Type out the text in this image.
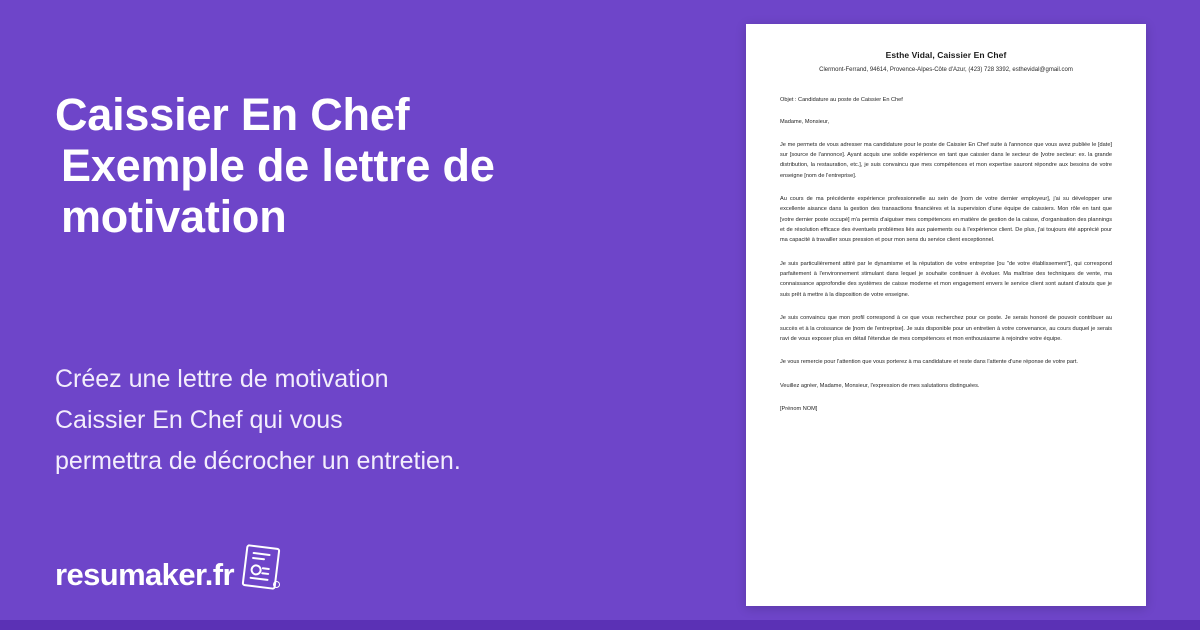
Caissier En Chef
Exemple de lettre de motivation
Créez une lettre de motivation
Caissier En Chef qui vous
permettra de décrocher un entretien.
resumaker.fr
Esthe Vidal, Caissier En Chef
Clermont-Ferrand, 94614, Provence-Alpes-Côte d'Azur, (423) 728 3392, esthevidal@gmail.com

Objet : Candidature au poste de Caissier En Chef

Madame, Monsieur,

Je me permets de vous adresser ma candidature pour le poste de Caissier En Chef suite à l'annonce que vous avez publiée le [date] sur [source de l'annonce]. Ayant acquis une solide expérience en tant que caissier dans le secteur de [votre secteur: ex. la grande distribution, la restauration, etc.], je suis convaincu que mes compétences et mon expertise sauront répondre aux besoins de votre enseigne [nom de l'entreprise].

Au cours de ma précédente expérience professionnelle au sein de [nom de votre dernier employeur], j'ai su développer une excellente aisance dans la gestion des transactions financières et la supervision d'une équipe de caissiers. Mon rôle en tant que [votre dernier poste occupé] m'a permis d'aiguiser mes compétences en matière de gestion de la caisse, d'organisation des plannings et de résolution efficace des éventuels problèmes liés aux paiements ou à l'expérience client. De plus, j'ai toujours été apprécié pour ma capacité à travailler sous pression et pour mon sens du service client exceptionnel.

Je suis particulièrement attiré par le dynamisme et la réputation de votre entreprise [ou "de votre établissement"], qui correspond parfaitement à l'environnement stimulant dans lequel je souhaite continuer à évoluer. Ma maîtrise des techniques de vente, ma connaissance approfondie des systèmes de caisse moderne et mon engagement envers le service client sont autant d'atouts que je suis prêt à mettre à la disposition de votre enseigne.

Je suis convaincu que mon profil correspond à ce que vous recherchez pour ce poste. Je serais honoré de pouvoir contribuer au succès et à la croissance de [nom de l'entreprise]. Je suis disponible pour un entretien à votre convenance, au cours duquel je serais ravi de vous exposer plus en détail l'étendue de mes compétences et mon enthousiasme à rejoindre votre équipe.

Je vous remercie pour l'attention que vous porterez à ma candidature et reste dans l'attente d'une réponse de votre part.

Veuillez agréer, Madame, Monsieur, l'expression de mes salutations distinguées.

[Prénom NOM]
